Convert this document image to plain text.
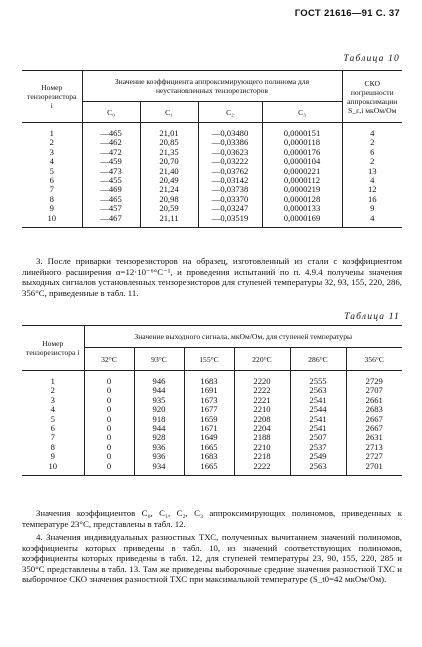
ГОСТ 21616—91 С. 37
Таблица 10
Номер тензорезистора i	Значение коэффициента аппроксимирующего полинома для неустановленных тензорезисторов				СКО погрешности аппроксимации S_ε,i мкОм/Ом
	C₀	C₁	C₂	C₃	
1	—465	21,01	—0,03480	0,0000151	4
2	—462	20,85	—0,03386	0,0000118	2
3	—472	21,35	—0,03623	0,0000176	6
4	—459	20,70	—0,03222	0,0000104	2
5	—473	21,40	—0,03762	0,0000221	13
6	—455	20,49	—0,03142	0,0000112	4
7	—469	21,24	—0,03738	0,0000219	12
8	—465	20,98	—0,03370	0,0000128	16
9	—457	20,59	—0,03247	0,0000133	9
10	—467	21,11	—0,03519	0,0000169	4
3. После приварки тензорезисторов на образец, изготовленный из стали с коэффициентом линейного расширения α=12·10⁻⁶°С⁻¹, и проведения испытаний по п. 4.9.4 получены значения выходных сигналов установленных тензорезисторов для ступеней температуры 32, 93, 155, 220, 286, 356°С, приведенные в табл. 11.
Таблица 11
Номер тензорезистора i	Значение выходного сигнала, мкОм/Ом, для ступеней температуры					
	32°С	93°С	155°С	220°С	286°С	356°С
1	0	946	1683	2220	2555	2729
2	0	944	1691	2222	2563	2707
3	0	935	1673	2221	2541	2661
4	0	920	1677	2210	2544	2683
5	0	918	1659	2208	2541	2667
6	0	944	1671	2204	2541	2667
7	0	928	1649	2188	2507	2631
8	0	936	1665	2210	2537	2713
9	0	936	1683	2218	2549	2727
10	0	934	1665	2222	2563	2701
Значения коэффициентов C₀, C₁, C₂, C₃ аппроксимирующих полиномов, приведенных к температуре 23°С, представлены в табл. 12.
4. Значения индивидуальных разностных ТХС, полученных вычитанием значений полиномов, коэффициенты которых приведены в табл. 10, из значений соответствующих полиномов, коэффициенты которых приведены в табл. 12, для ступеней температуры 23, 90, 155, 220, 285 и 350°С представлены в табл. 13. Там же приведены выборочные средние значения разностной ТХС и выборочное СКО значения разностной ТХС при максимальной температуре (S_t0=42 мкОм/Ом).
